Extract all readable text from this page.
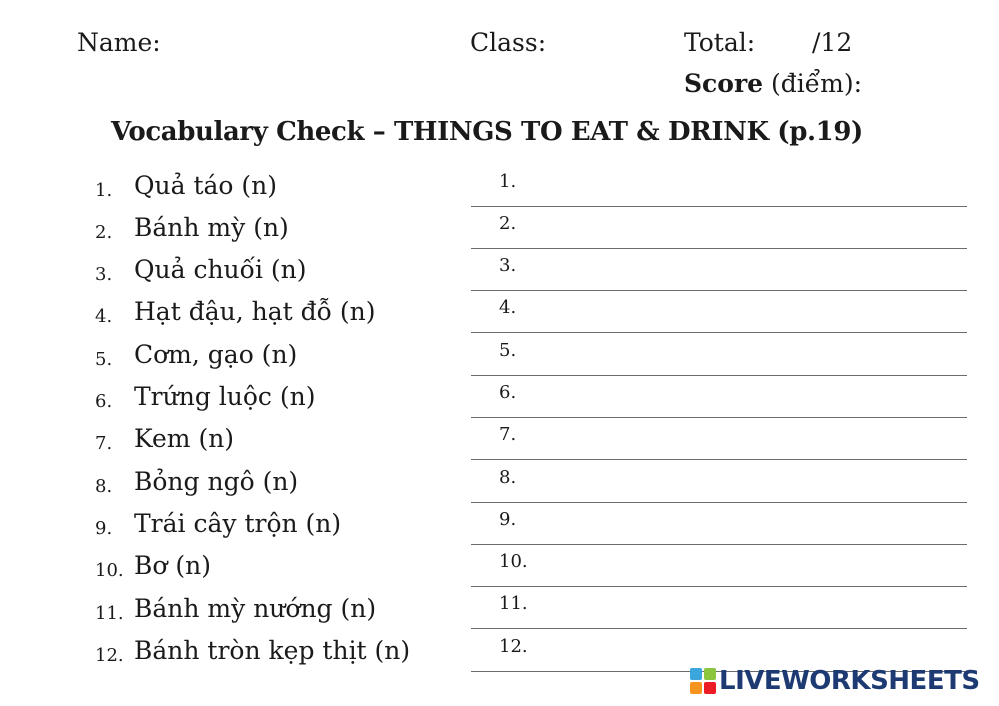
Name:	Class:	Total: /12
Score (điểm):
Vocabulary Check – THINGS TO EAT & DRINK (p.19)
1. Quả táo (n)
2. Bánh mỳ (n)
3. Quả chuối (n)
4. Hạt đậu, hạt đỗ (n)
5. Cơm, gạo (n)
6. Trứng luộc (n)
7. Kem (n)
8. Bỏng ngô (n)
9. Trái cây trộn (n)
10. Bơ (n)
11. Bánh mỳ nướng (n)
12. Bánh tròn kẹp thịt (n)
1.
2.
3.
4.
5.
6.
7.
8.
9.
10.
11.
12.
LIVEWORKSHEETS
